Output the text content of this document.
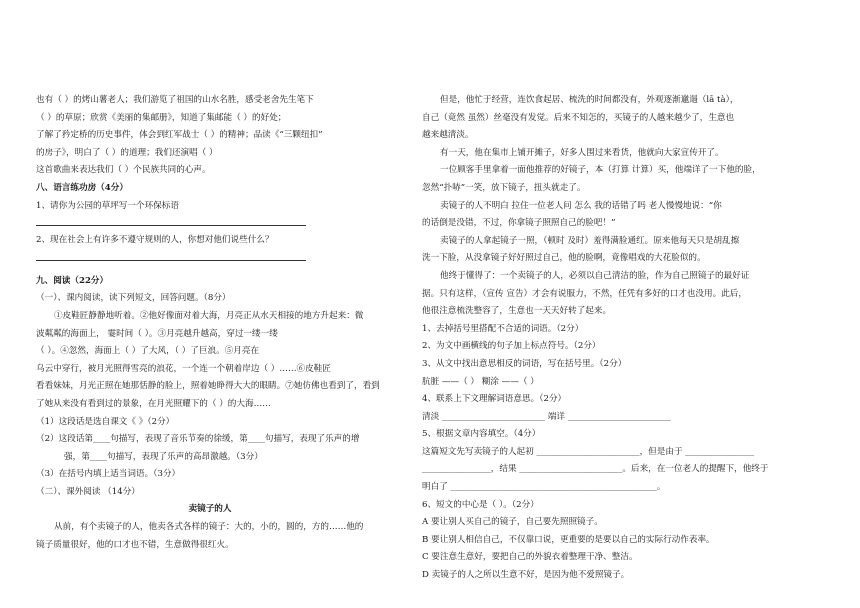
也有（ ）的烤山薯老人；我们游览了祖国的山水名胜，感受老舍先生笔下
（ ）的草原；欣赏《美丽的集邮册》，知道了集邮能（ ）的好处；
了解了矜定桥的历史事件，体会到红军战士（ ）的精神；品读《“三颗纽扣”
的房子》，明白了（ ）的道理；我们还演唱（ ）
这首歌曲来表达我们（ ）个民族共同的心声。
八、语言练功房（4分）
1、请你为公园的草坪写一个环保标语
2、现在社会上有许多不遵守规则的人，你想对他们说些什么？
九、阅读（22分）
（一）、课内阅读，读下列短文，回答问题。（8分）
①皮鞋匠静静地听着。②他好像面对着大海，月亮正从水天相接的地方升起来：微
波粼粼的海面上， 霎时间（ ）。③月亮越升越高，穿过一缕一缕
（ ）。④忽然，海面上（ ）了大风，（ ）了巨浪。⑤月亮在
乌云中穿行，被月光照得雪亮的浪花，一个连一个朝着岸边（ ）……⑥皮鞋匠
看看妹妹，月光正照在她那恬静的脸上，照着她睁得大大的眼睛。⑦她仿佛也看到了，看到
了她从来没有看到过的景象，在月光照耀下的（ ）的大海……
（1）这段话是选自课文《 》（2分）
（2）这段话第____句描写，表现了音乐节奏的徐缓，第____句描写，表现了乐声的增
强，第____句描写，表现了乐声的高昂激越。（3分）
（3）在括号内填上适当词语。（3分）
（二）、课外阅读 （14分）
卖镜子的人
从前，有个卖镜子的人，他卖各式各样的镜子：大的，小的，圆的，方的……他的
镜子质量很好，他的口才也不错，生意做得很红火。
但是，他忙于经营，连饮食起居、梳洗的时间都没有，外观逐渐邋遢（lā tà），
自己（竟然 虽然）丝毫没有发觉。后来不知怎的，买镜子的人越来越少了，生意也
越来越清淡。
有一天，他在集市上铺开摊子，好多人围过来看货，他就向大家宣传开了。
一位顾客手里拿着一面他推荐的好镜子，本（打算 计算）买，他端详了一下他的脸，
忽然“扑哧”一笑，放下镜子，扭头就走了。
卖镜子的人不明白 拉住一位老人问 怎么 我的话错了吗 老人慢慢地说：“你
的话倒是没错，不过，你拿镜子照照自己的脸吧！”
卖镜子的人拿起镜子一照，（顿时 及时）羞得满脸通红。原来他每天只是胡乱擦
洗一下脸，从没拿镜子好好照过自己，他的脸啊，竟像唱戏的大花脸似的。
他终于懂得了：一个卖镜子的人，必须以自己清洁的脸，作为自己照镜子的最好证
据。只有这样，（宣传 宣告）才会有说服力，不然，任凭有多好的口才也没用。此后，
他很注意梳洗整容了，生意也一天天好转了起来。
1、去掉括号里搭配不合适的词语。（2分）
2、为文中画横线的句子加上标点符号。（2分）
3、从文中找出意思相反的词语，写在括号里。（2分）
肮脏 ——（ ） 糊涂 ——（ ）
4、联系上下文理解词语意思。（2分）
清淡 ________________________ 端详 ________________________
5、根据文章内容填空。（4分）
这篇短文先写卖镜子的人起初 ________________________，但是由于 ________________
________________，结果 ________________________。后来，在一位老人的提醒下，他终于
明白了 ________________________________________________。
6、短文的中心是（ ）。（2分）
A 要让别人买自己的镜子，自己要先照照镜子。
B 要让别人相信自己，不仅靠口说，更重要的是要以自己的实际行动作表率。
C 要注意生意好，要把自己的外貌衣着整理干净、整洁。
D 卖镜子的人之所以生意不好，是因为他不爱照镜子。
